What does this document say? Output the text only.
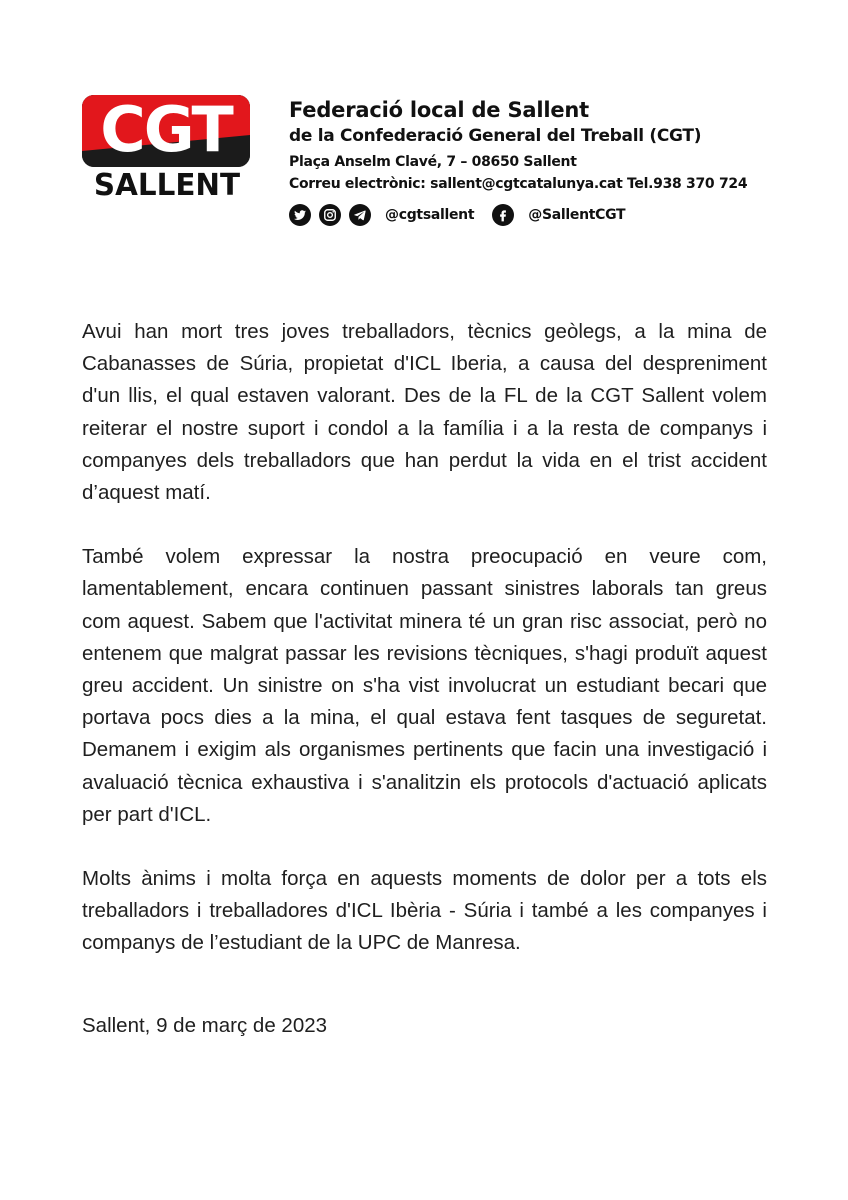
CGT
SALLENT
Federació local de Sallent
de la Confederació General del Treball (CGT)
Plaça Anselm Clavé, 7 – 08650 Sallent
Correu electrònic: sallent@cgtcatalunya.cat Tel.938 370 724
@cgtsallent	@SallentCGT

Avui han mort tres joves treballadors, tècnics geòlegs, a la mina de Cabanasses de Súria, propietat d'ICL Iberia, a causa del despreniment d'un llis, el qual estaven valorant. Des de la FL de la CGT Sallent volem reiterar el nostre suport i condol a la família i a la resta de companys i companyes dels treballadors que han perdut la vida en el trist accident d’aquest matí.

També volem expressar la nostra preocupació en veure com, lamentablement, encara continuen passant sinistres laborals tan greus com aquest. Sabem que l'activitat minera té un gran risc associat, però no entenem que malgrat passar les revisions tècniques, s'hagi produït aquest greu accident. Un sinistre on s'ha vist involucrat un estudiant becari que portava pocs dies a la mina, el qual estava fent tasques de seguretat. Demanem i exigim als organismes pertinents que facin una investigació i avaluació tècnica exhaustiva i s'analitzin els protocols d'actuació aplicats per part d'ICL.

Molts ànims i molta força en aquests moments de dolor per a tots els treballadors i treballadores d'ICL Ibèria - Súria i també a les companyes i companys de l’estudiant de la UPC de Manresa.

Sallent, 9 de març de 2023
